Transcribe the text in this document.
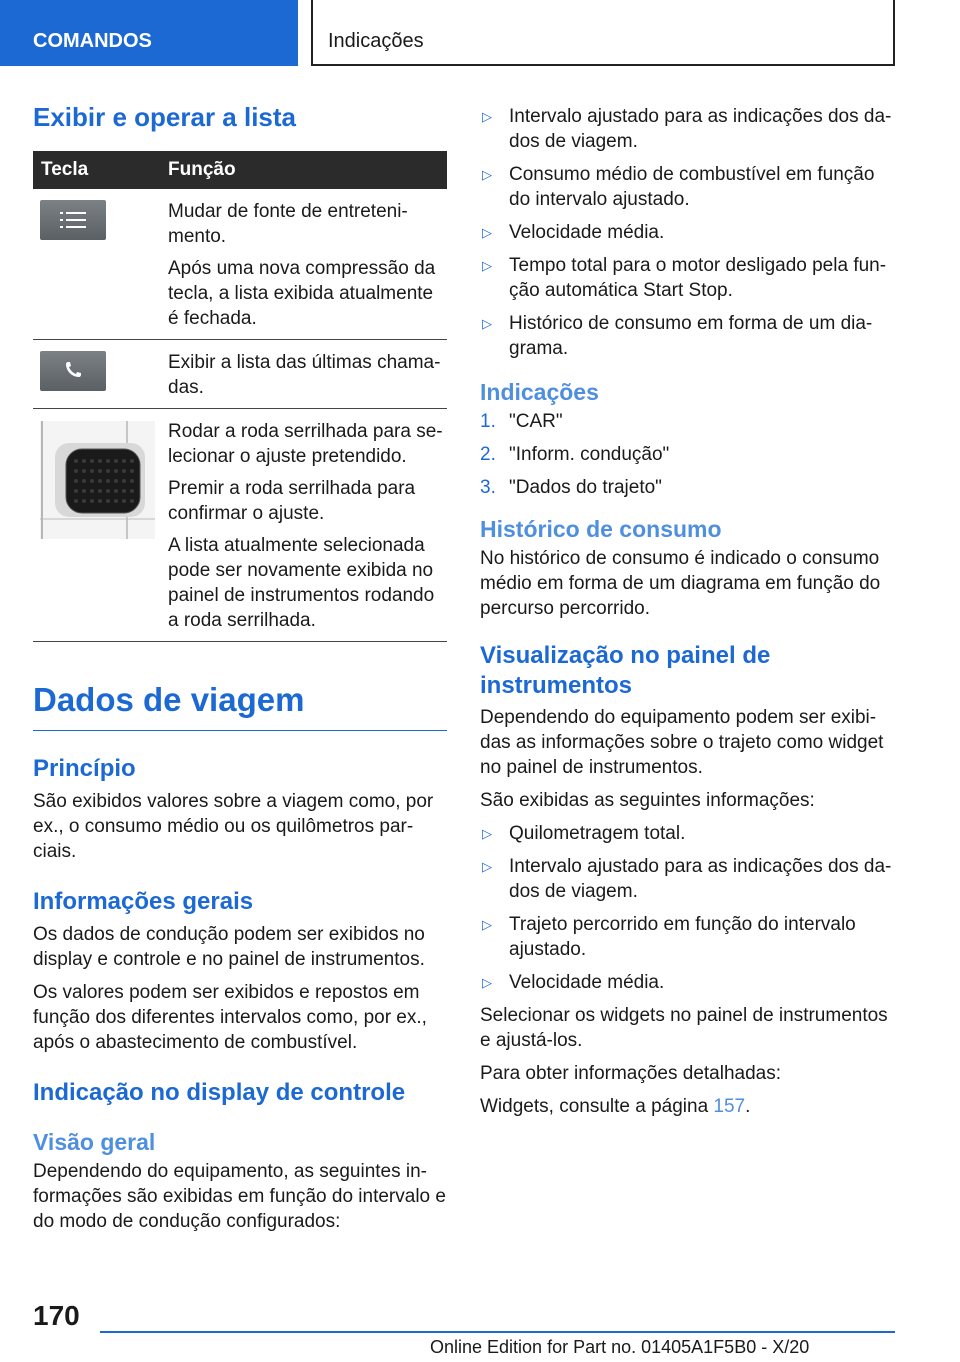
COMANDOS	Indicações
Exibir e operar a lista
Tecla	Função
Mudar de fonte de entreteni-mento.
Após uma nova compressão da tecla, a lista exibida atualmente é fechada.
Exibir a lista das últimas chama-das.
Rodar a roda serrilhada para se-lecionar o ajuste pretendido.
Premir a roda serrilhada para confirmar o ajuste.
A lista atualmente selecionada pode ser novamente exibida no painel de instrumentos rodando a roda serrilhada.
Dados de viagem
Princípio

São exibidos valores sobre a viagem como, por ex., o consumo médio ou os quilômetros par-ciais.

Informações gerais

Os dados de condução podem ser exibidos no display e controle e no painel de instrumentos.

Os valores podem ser exibidos e repostos em função dos diferentes intervalos como, por ex., após o abastecimento de combustível.

Indicação no display de controle
Visão geral

Dependendo do equipamento, as seguintes in-formações são exibidas em função do intervalo e do modo de condução configurados:

▷ Intervalo ajustado para as indicações dos da-dos de viagem.
▷ Consumo médio de combustível em função do intervalo ajustado.
▷ Velocidade média.
▷ Tempo total para o motor desligado pela fun-ção automática Start Stop.
▷ Histórico de consumo em forma de um dia-grama.
Indicações
1. "CAR"
2. "Inform. condução"
3. "Dados do trajeto"
Histórico de consumo

No histórico de consumo é indicado o consumo médio em forma de um diagrama em função do percurso percorrido.

Visualização no painel de instrumentos

Dependendo do equipamento podem ser exibi-das as informações sobre o trajeto como widget no painel de instrumentos.

São exibidas as seguintes informações:

▷ Quilometragem total.
▷ Intervalo ajustado para as indicações dos da-dos de viagem.
▷ Trajeto percorrido em função do intervalo ajustado.
▷ Velocidade média.

Selecionar os widgets no painel de instrumentos e ajustá-los.

Para obter informações detalhadas:

Widgets, consulte a página 157.

170
Online Edition for Part no. 01405A1F5B0 - X/20
